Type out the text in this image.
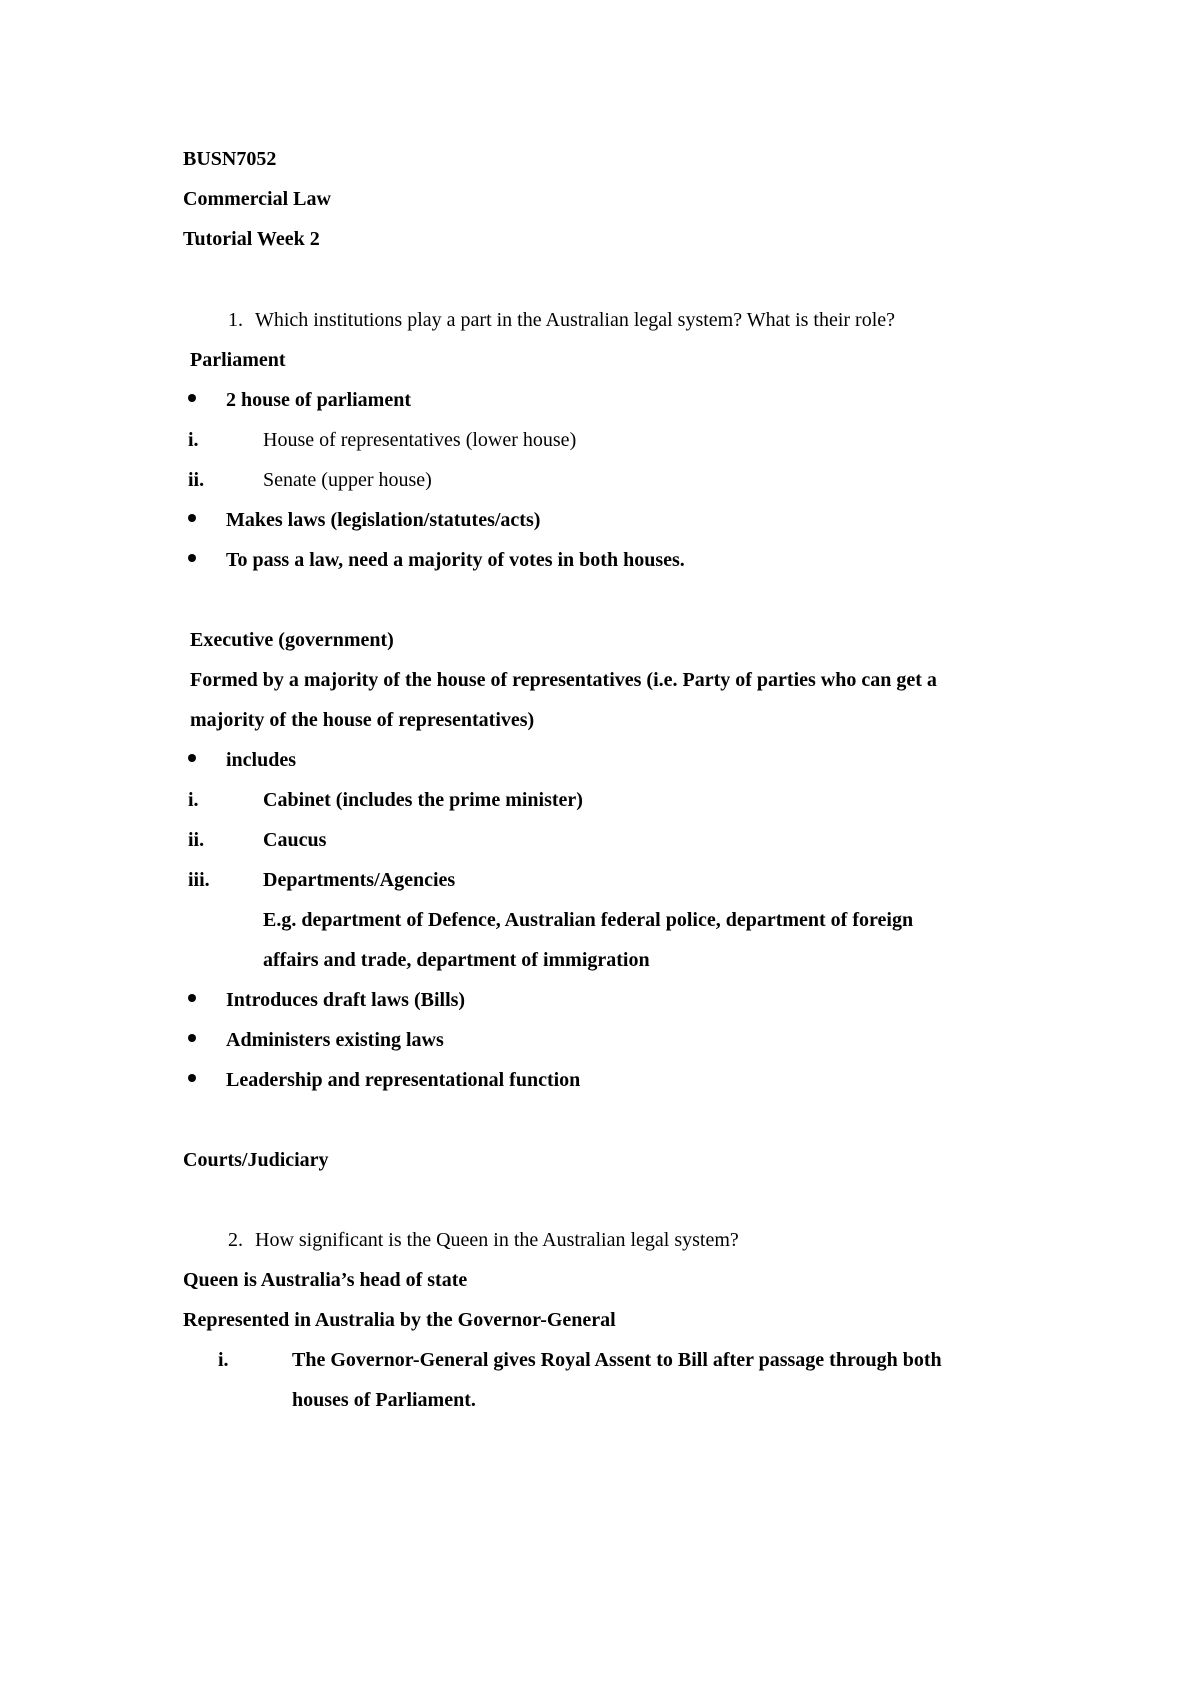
BUSN7052
Commercial Law
Tutorial Week 2
1. Which institutions play a part in the Australian legal system? What is their role?
Parliament
2 house of parliament
i.	House of representatives (lower house)
ii.	Senate (upper house)
Makes laws (legislation/statutes/acts)
To pass a law, need a majority of votes in both houses.
Executive (government)
Formed by a majority of the house of representatives (i.e. Party of parties who can get a
majority of the house of representatives)
includes
i.	Cabinet (includes the prime minister)
ii.	Caucus
iii.	Departments/Agencies
E.g. department of Defence, Australian federal police, department of foreign
affairs and trade, department of immigration
Introduces draft laws (Bills)
Administers existing laws
Leadership and representational function
Courts/Judiciary
2. How significant is the Queen in the Australian legal system?
Queen is Australia’s head of state
Represented in Australia by the Governor-General
i.	The Governor-General gives Royal Assent to Bill after passage through both
houses of Parliament.
